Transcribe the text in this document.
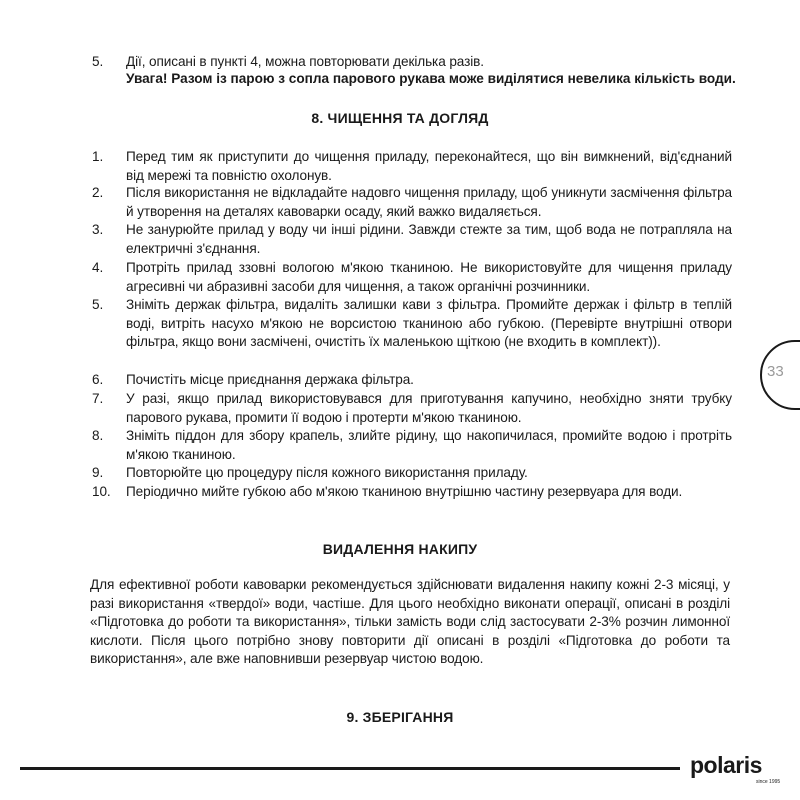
5. Дії, описані в пункті 4, можна повторювати декілька разів.
Увага! Разом із парою з сопла парового рукава може виділятися невелика кількість води.
8. ЧИЩЕННЯ ТА ДОГЛЯД
1. Перед тим як приступити до чищення приладу, переконайтеся, що він вимкнений, від'єднаний від мережі та повністю охолонув.
2. Після використання не відкладайте надовго чищення приладу, щоб уникнути засмічення фільтра й утворення на деталях кавоварки осаду, який важко видаляється.
3. Не занурюйте прилад у воду чи інші рідини. Завжди стежте за тим, щоб вода не потрапляла на електричні з'єднання.
4. Протріть прилад ззовні вологою м'якою тканиною. Не використовуйте для чищення приладу агресивні чи абразивні засоби для чищення, а також органічні розчинники.
5. Зніміть держак фільтра, видаліть залишки кави з фільтра. Промийте держак і фільтр в теплій воді, витріть насухо м'якою не ворсистою тканиною або губкою. (Перевірте внутрішні отвори фільтра, якщо вони засмічені, очистіть їх маленькою щіткою (не входить в комплект)).
6. Почистіть місце приєднання держака фільтра.
7. У разі, якщо прилад використовувався для приготування капучино, необхідно зняти трубку парового рукава, промити її водою і протерти м'якою тканиною.
8. Зніміть піддон для збору крапель, злийте рідину, що накопичилася, промийте водою і протріть м'якою тканиною.
9. Повторюйте цю процедуру після кожного використання приладу.
10. Періодично мийте губкою або м'якою тканиною внутрішню частину резервуара для води.
ВИДАЛЕННЯ НАКИПУ
Для ефективної роботи кавоварки рекомендується здійснювати видалення накипу кожні 2-3 місяці, у разі використання «твердої» води, частіше. Для цього необхідно виконати операції, описані в розділі «Підготовка до роботи та використання», тільки замість води слід застосувати 2-3% розчин лимонної кислоти. Після цього потрібно знову повторити дії описані в розділі «Підготовка до роботи та використання», але вже наповнивши резервуар чистою водою.
9. ЗБЕРІГАННЯ
33
polaris
since 1995
